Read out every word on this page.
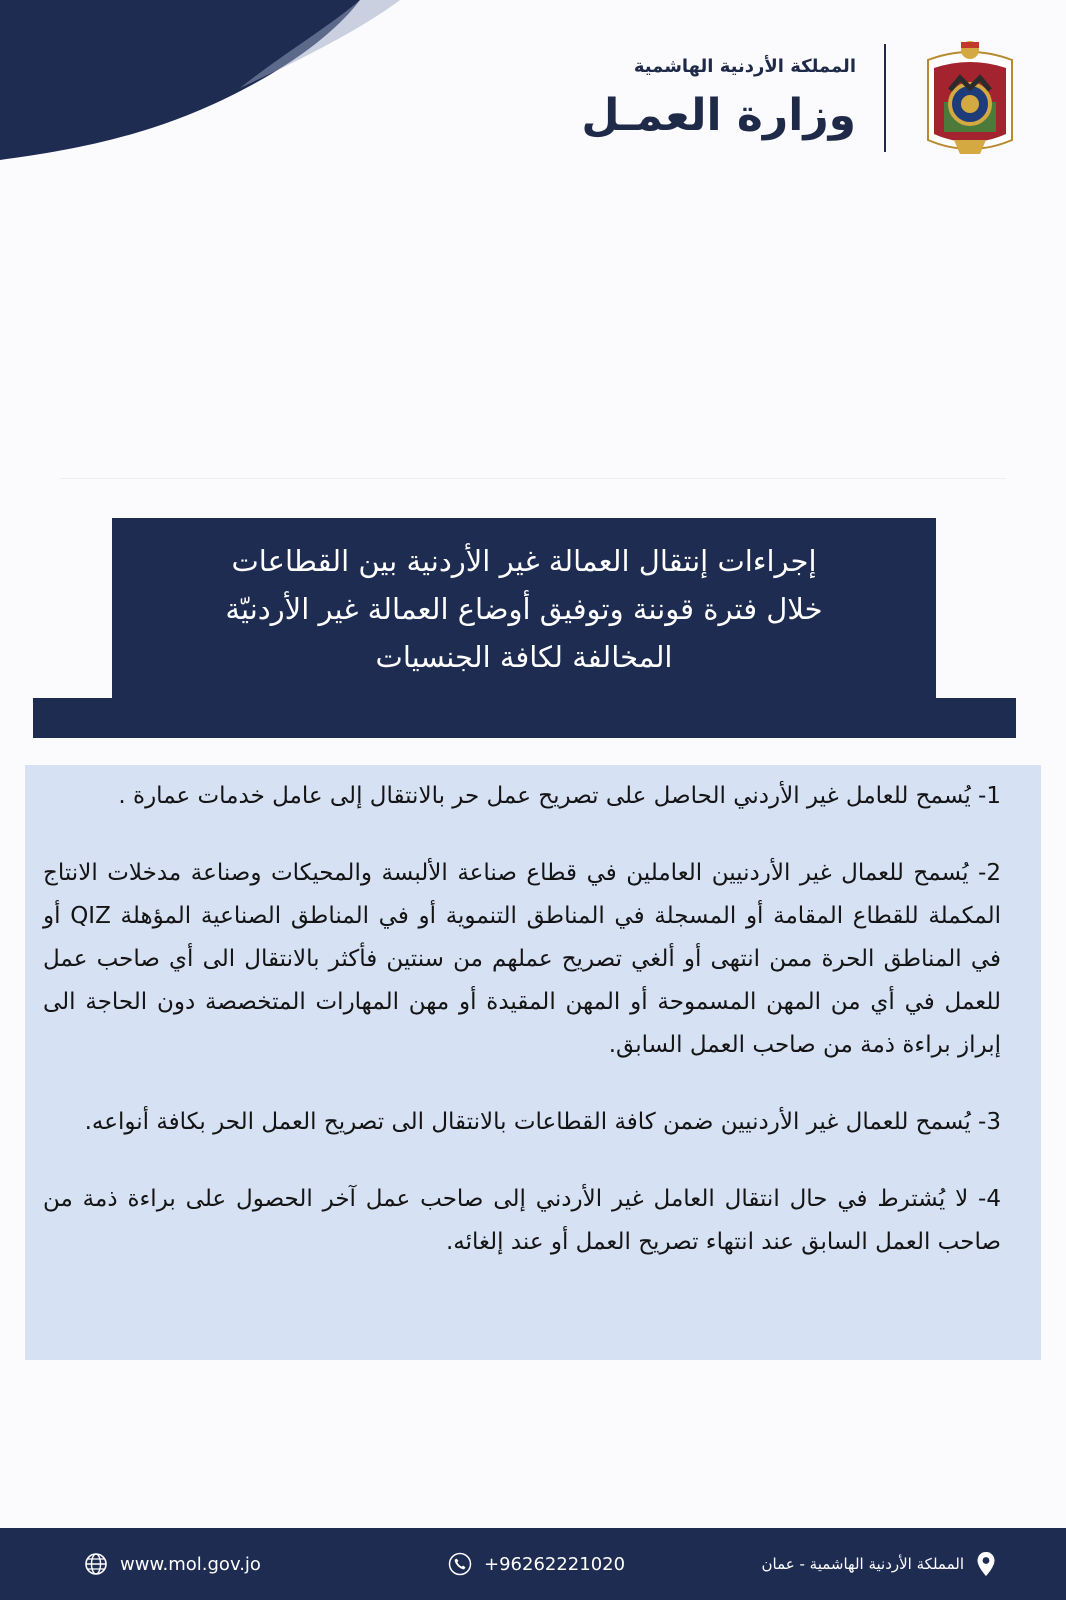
المملكة الأردنية الهاشمية
وزارة العمـل
إجراءات إنتقال العمالة غير الأردنية بين القطاعات
خلال فترة قوننة وتوفيق أوضاع العمالة غير الأردنيّة
المخالفة لكافة الجنسيات

1- يُسمح للعامل غير الأردني الحاصل على تصريح عمل حر بالانتقال إلى عامل خدمات عمارة .

2- يُسمح للعمال غير الأردنيين العاملين في قطاع صناعة الألبسة والمحيكات وصناعة مدخلات الانتاج المكملة للقطاع المقامة أو المسجلة في المناطق التنموية أو في المناطق الصناعية المؤهلة QIZ أو في المناطق الحرة ممن انتهى أو ألغي تصريح عملهم من سنتين فأكثر بالانتقال الى أي صاحب عمل للعمل في أي من المهن المسموحة أو المهن المقيدة أو مهن المهارات المتخصصة دون الحاجة الى إبراز براءة ذمة من صاحب العمل السابق.

3- يُسمح للعمال غير الأردنيين ضمن كافة القطاعات بالانتقال الى تصريح العمل الحر بكافة أنواعه.

4- لا يُشترط في حال انتقال العامل غير الأردني إلى صاحب عمل آخر الحصول على براءة ذمة من صاحب العمل السابق عند انتهاء تصريح العمل أو عند إلغائه.

www.mol.gov.jo	+96262221020	المملكة الأردنية الهاشمية - عمان
